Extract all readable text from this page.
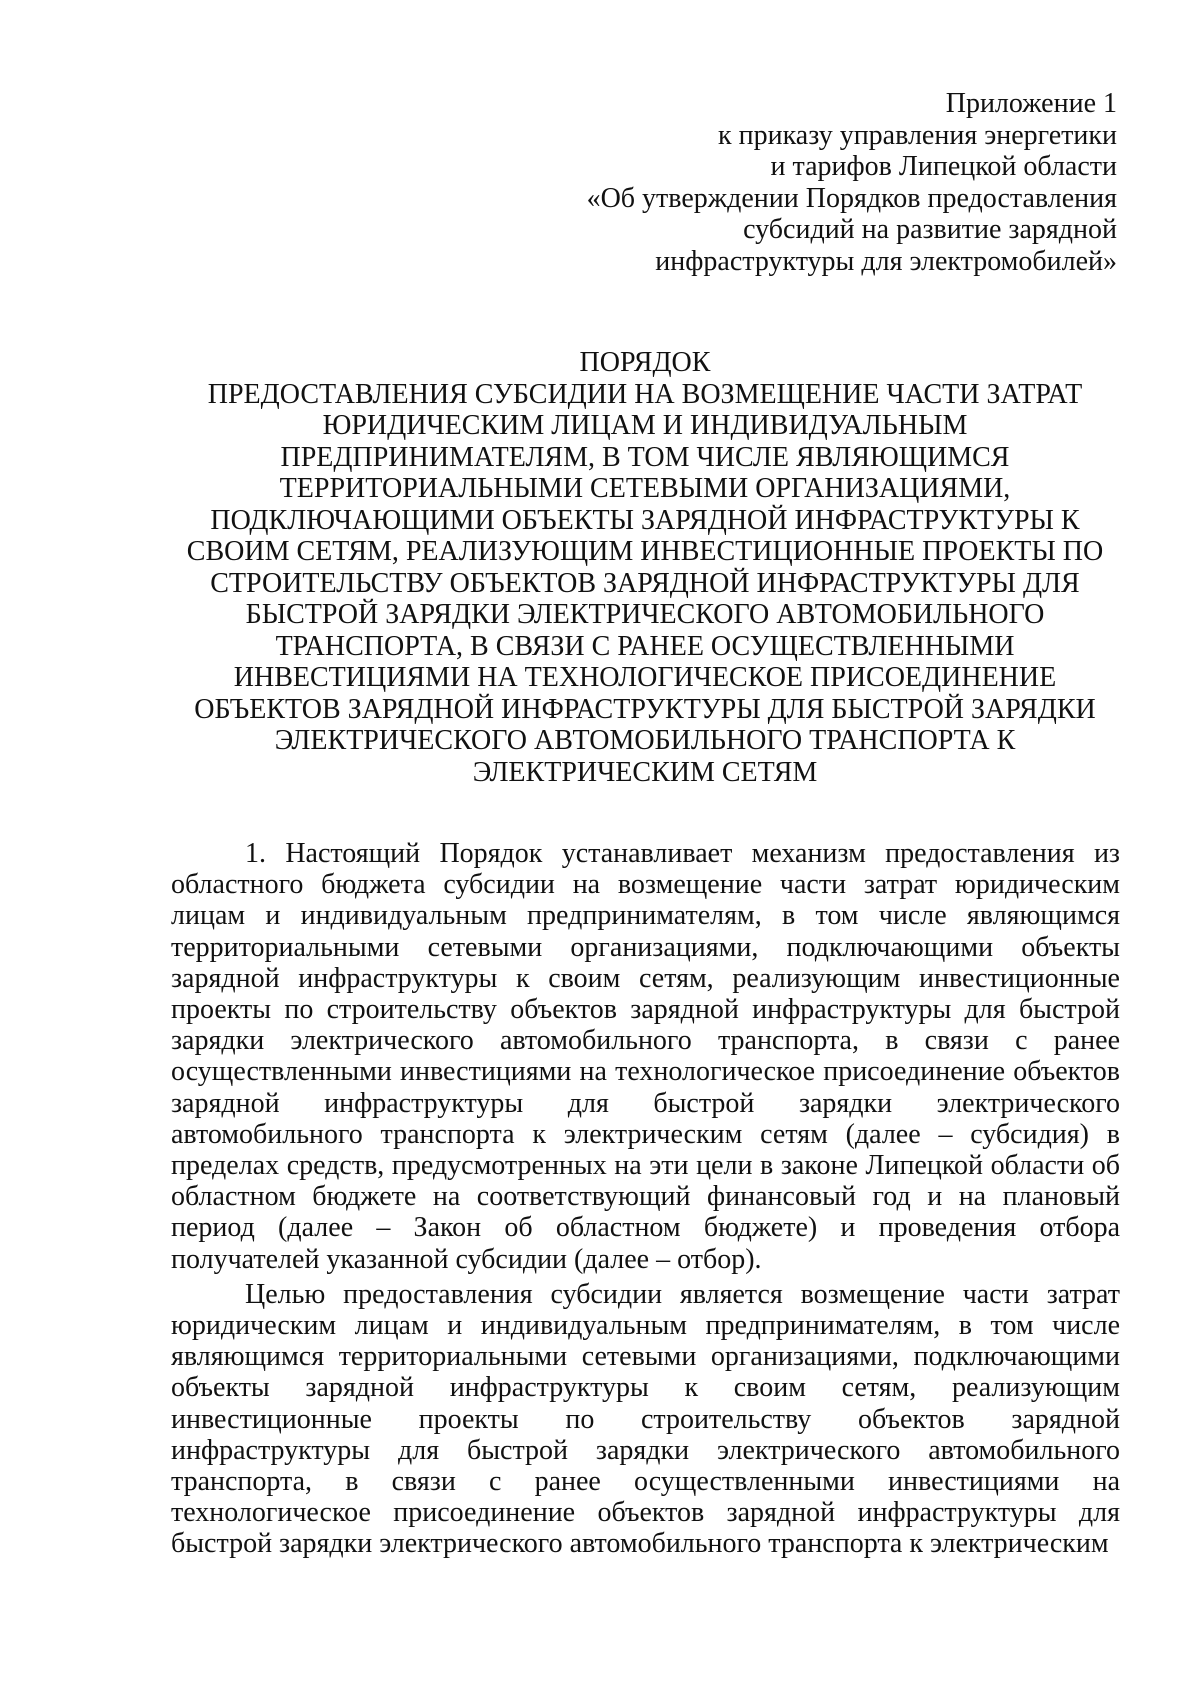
Приложение 1
к приказу управления энергетики
и тарифов Липецкой области
«Об утверждении Порядков предоставления
субсидий на развитие зарядной
инфраструктуры для электромобилей»
ПОРЯДОК
ПРЕДОСТАВЛЕНИЯ СУБСИДИИ НА ВОЗМЕЩЕНИЕ ЧАСТИ ЗАТРАТ
ЮРИДИЧЕСКИМ ЛИЦАМ И ИНДИВИДУАЛЬНЫМ
ПРЕДПРИНИМАТЕЛЯМ, В ТОМ ЧИСЛЕ ЯВЛЯЮЩИМСЯ
ТЕРРИТОРИАЛЬНЫМИ СЕТЕВЫМИ ОРГАНИЗАЦИЯМИ,
ПОДКЛЮЧАЮЩИМИ ОБЪЕКТЫ ЗАРЯДНОЙ ИНФРАСТРУКТУРЫ К
СВОИМ СЕТЯМ, РЕАЛИЗУЮЩИМ ИНВЕСТИЦИОННЫЕ ПРОЕКТЫ ПО
СТРОИТЕЛЬСТВУ ОБЪЕКТОВ ЗАРЯДНОЙ ИНФРАСТРУКТУРЫ ДЛЯ
БЫСТРОЙ ЗАРЯДКИ ЭЛЕКТРИЧЕСКОГО АВТОМОБИЛЬНОГО
ТРАНСПОРТА, В СВЯЗИ С РАНЕЕ ОСУЩЕСТВЛЕННЫМИ
ИНВЕСТИЦИЯМИ НА ТЕХНОЛОГИЧЕСКОЕ ПРИСОЕДИНЕНИЕ
ОБЪЕКТОВ ЗАРЯДНОЙ ИНФРАСТРУКТУРЫ ДЛЯ БЫСТРОЙ ЗАРЯДКИ
ЭЛЕКТРИЧЕСКОГО АВТОМОБИЛЬНОГО ТРАНСПОРТА К
ЭЛЕКТРИЧЕСКИМ СЕТЯМ

1. Настоящий Порядок устанавливает механизм предоставления из областного бюджета субсидии на возмещение части затрат юридическим лицам и индивидуальным предпринимателям, в том числе являющимся территориальными сетевыми организациями, подключающими объекты зарядной инфраструктуры к своим сетям, реализующим инвестиционные проекты по строительству объектов зарядной инфраструктуры для быстрой зарядки электрического автомобильного транспорта, в связи с ранее осуществленными инвестициями на технологическое присоединение объектов зарядной инфраструктуры для быстрой зарядки электрического автомобильного транспорта к электрическим сетям (далее – субсидия) в пределах средств, предусмотренных на эти цели в законе Липецкой области об областном бюджете на соответствующий финансовый год и на плановый период (далее – Закон об областном бюджете) и проведения отбора получателей указанной субсидии (далее – отбор).

Целью предоставления субсидии является возмещение части затрат юридическим лицам и индивидуальным предпринимателям, в том числе являющимся территориальными сетевыми организациями, подключающими объекты зарядной инфраструктуры к своим сетям, реализующим инвестиционные проекты по строительству объектов зарядной инфраструктуры для быстрой зарядки электрического автомобильного транспорта, в связи с ранее осуществленными инвестициями на технологическое присоединение объектов зарядной инфраструктуры для быстрой зарядки электрического автомобильного транспорта к электрическим
